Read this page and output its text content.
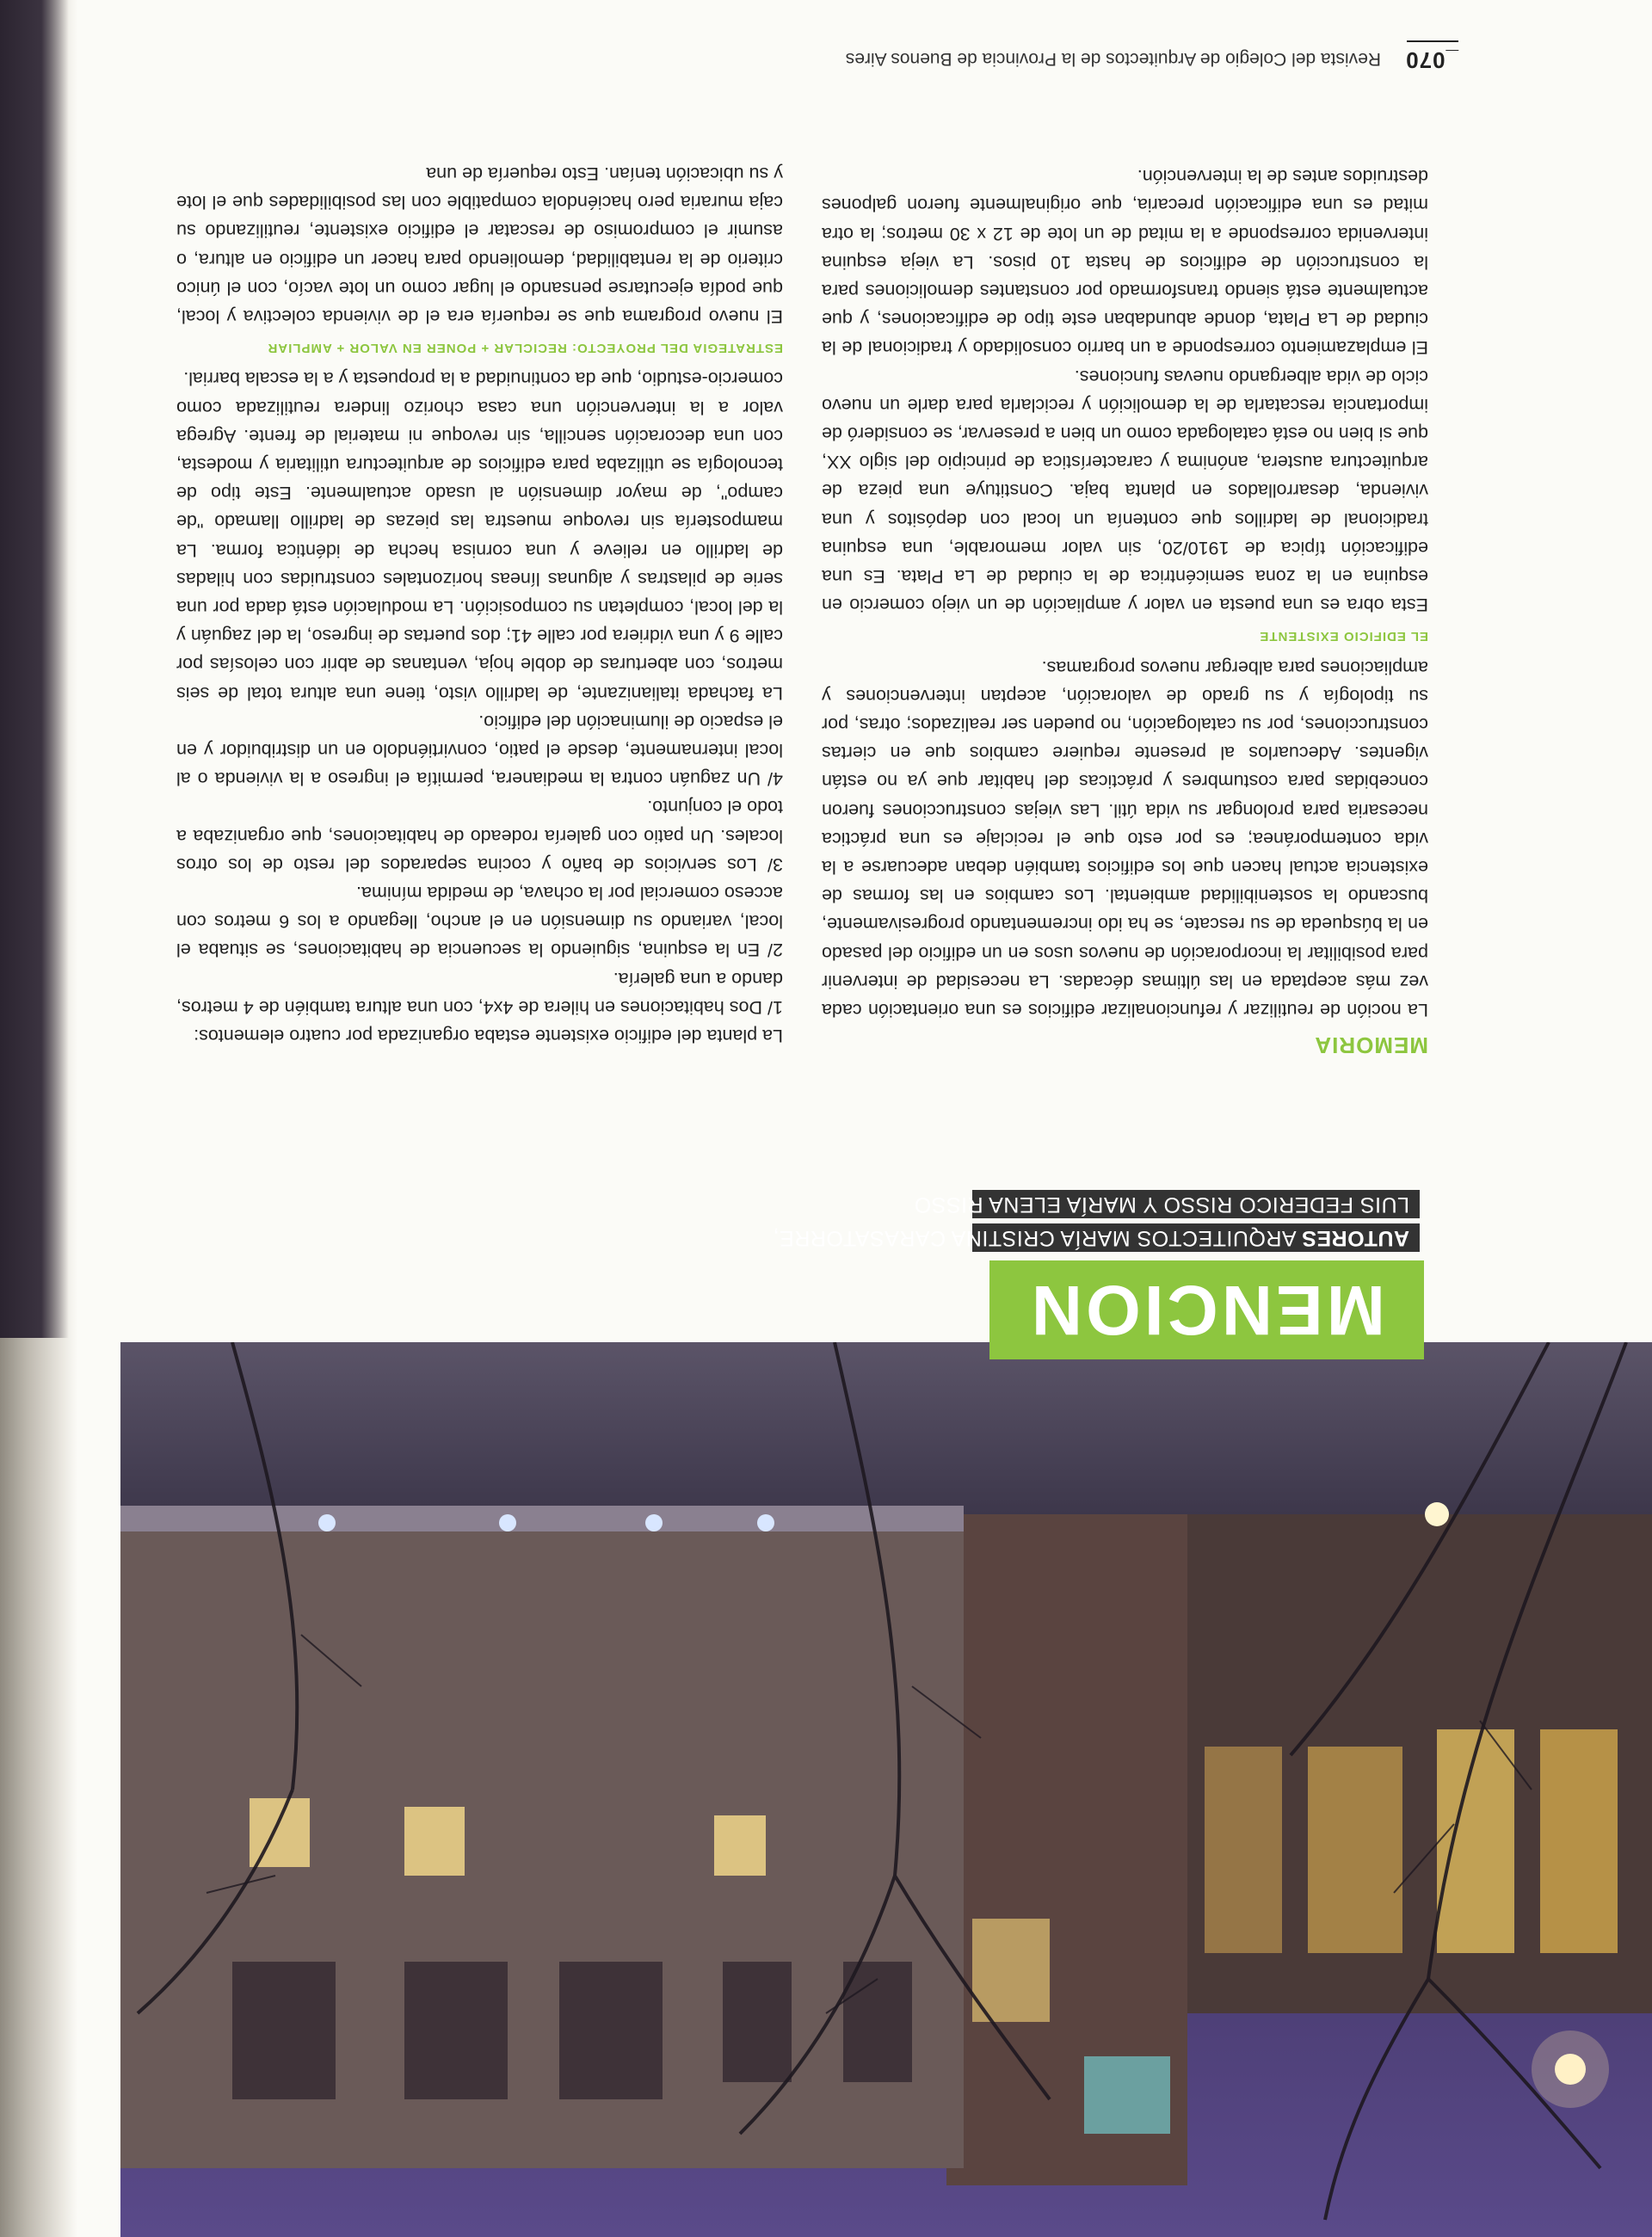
MENCION
AUTORES ARQUITECTOS MARÍA CRISTINA CARASATORRE,
LUIS FEDERICO RISSO Y MARÍA ELENA RISSO
MEMORIA

La noción de reutilizar y refuncionalizar edificios es una orientación cada vez más aceptada en las últimas décadas. La necesidad de intervenir para posibilitar la incorporación de nuevos usos en un edificio del pasado en la búsqueda de su rescate, se ha ido incrementando progresivamente, buscando la sostenibilidad ambiental. Los cambios en las formas de existencia actual hacen que los edificios también deban adecuarse a la vida contemporánea; es por esto que el reciclaje es una práctica necesaria para prolongar su vida útil. Las viejas construcciones fueron concebidas para costumbres y prácticas del habitar que ya no están vigentes. Adecuarlos al presente requiere cambios que en ciertas construcciones, por su catalogación, no pueden ser realizados; otras, por su tipología y su grado de valoración, aceptan intervenciones y ampliaciones para albergar nuevos programas.

EL EDIFICIO EXISTENTE

Esta obra es una puesta en valor y ampliación de un viejo comercio en esquina en la zona semicéntrica de la ciudad de La Plata. Es una edificación típica de 1910/20, sin valor memorable, una esquina tradicional de ladrillos que contenía un local con depósitos y una vivienda, desarrollados en planta baja. Constituye una pieza de arquitectura austera, anónima y característica de principio del siglo XX, que si bien no está catalogada como un bien a preservar, se consideró de importancia rescatarla de la demolición y reciclarla para darle un nuevo ciclo de vida albergando nuevas funciones.

El emplazamiento corresponde a un barrio consolidado y tradicional de la ciudad de La Plata, donde abundaban este tipo de edificaciones, y que actualmente está siendo transformado por constantes demoliciones para la construcción de edificios de hasta 10 pisos. La vieja esquina intervenida corresponde a la mitad de un lote de 12 x 30 metros; la otra mitad es una edificación precaria, que originalmente fueron galpones destruidos antes de la intervención.

La planta del edificio existente estaba organizada por cuatro elementos:

1/ Dos habitaciones en hilera de 4x4, con una altura también de 4 metros, dando a una galería.

2/ En la esquina, siguiendo la secuencia de habitaciones, se situaba el local, variando su dimensión en el ancho, llegando a los 6 metros con acceso comercial por la ochava, de medida mínima.

3/ Los servicios de baño y cocina separados del resto de los otros locales. Un patio con galería rodeado de habitaciones, que organizaba a todo el conjunto.

4/ Un zaguán contra la medianera, permitía el ingreso a la vivienda o al local internamente, desde el patio, convirtiéndolo en un distribuidor y en el espacio de iluminación del edificio.

La fachada italianizante, de ladrillo visto, tiene una altura total de seis metros, con aberturas de doble hoja, ventanas de abrir con celosías por calle 9 y una vidriera por calle 41; dos puertas de ingreso, la del zaguán y la del local, completan su composición. La modulación está dada por una serie de pilastras y algunas líneas horizontales construidas con hiladas de ladrillo en relieve y una cornisa hecha de idéntica forma. La mampostería sin revoque muestra las piezas de ladrillo llamado "de campo", de mayor dimensión al usado actualmente. Este tipo de tecnología se utilizaba para edificios de arquitectura utilitaria y modesta, con una decoración sencilla, sin revoque ni material de frente. Agrega valor a la intervención una casa chorizo lindera reutilizada como comercio-estudio, que da continuidad a la propuesta y a la escala barrial.

ESTRATEGIA DEL PROYECTO: RECICLAR + PONER EN VALOR + AMPLIAR

El nuevo programa que se requería era el de vivienda colectiva y local, que podía ejecutarse pensando el lugar como un lote vacío, con el único criterio de la rentabilidad, demoliendo para hacer un edificio en altura, o asumir el compromiso de rescatar el edificio existente, reutilizando su caja muraria pero haciéndola compatible con las posibilidades que el lote y su ubicación tenían. Esto requería de una

_070
Revista del Colegio de Arquitectos de la Provincia de Buenos Aires
